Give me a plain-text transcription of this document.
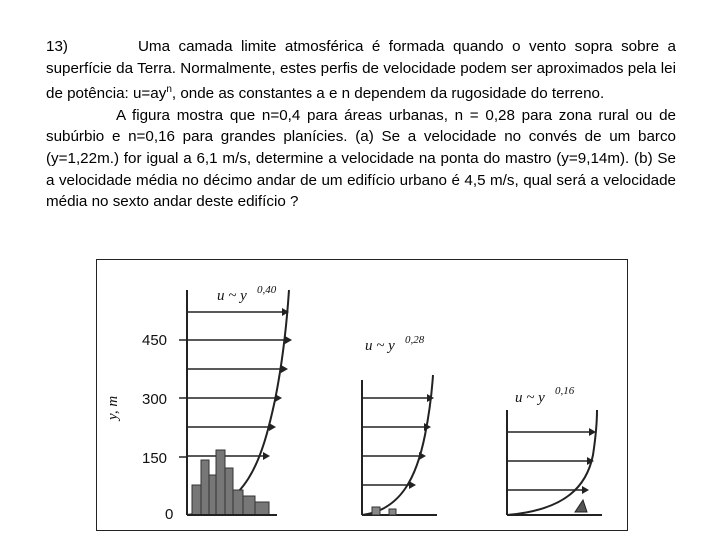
13)	Uma camada limite atmosférica é formada quando o vento sopra sobre a superfície da Terra. Normalmente, estes perfis de velocidade podem ser aproximados pela lei de potência: $u=ay^n$, onde as constantes a e n dependem da rugosidade do terreno.

A figura mostra que n=0,4 para áreas urbanas, n = 0,28 para zona rural ou de subúrbio e n=0,16 para grandes planícies. (a) Se a velocidade no convés de um barco (y=1,22m.) for igual a 6,1 m/s, determine a velocidade na ponta do mastro (y=9,14m). (b) Se a velocidade média no décimo andar de um edifício urbano é 4,5 m/s, qual será a velocidade média no sexto andar deste edifício ?

y, m
450
300
150
0
u ~ y 0,40
u ~ y 0,28
u ~ y 0,16
